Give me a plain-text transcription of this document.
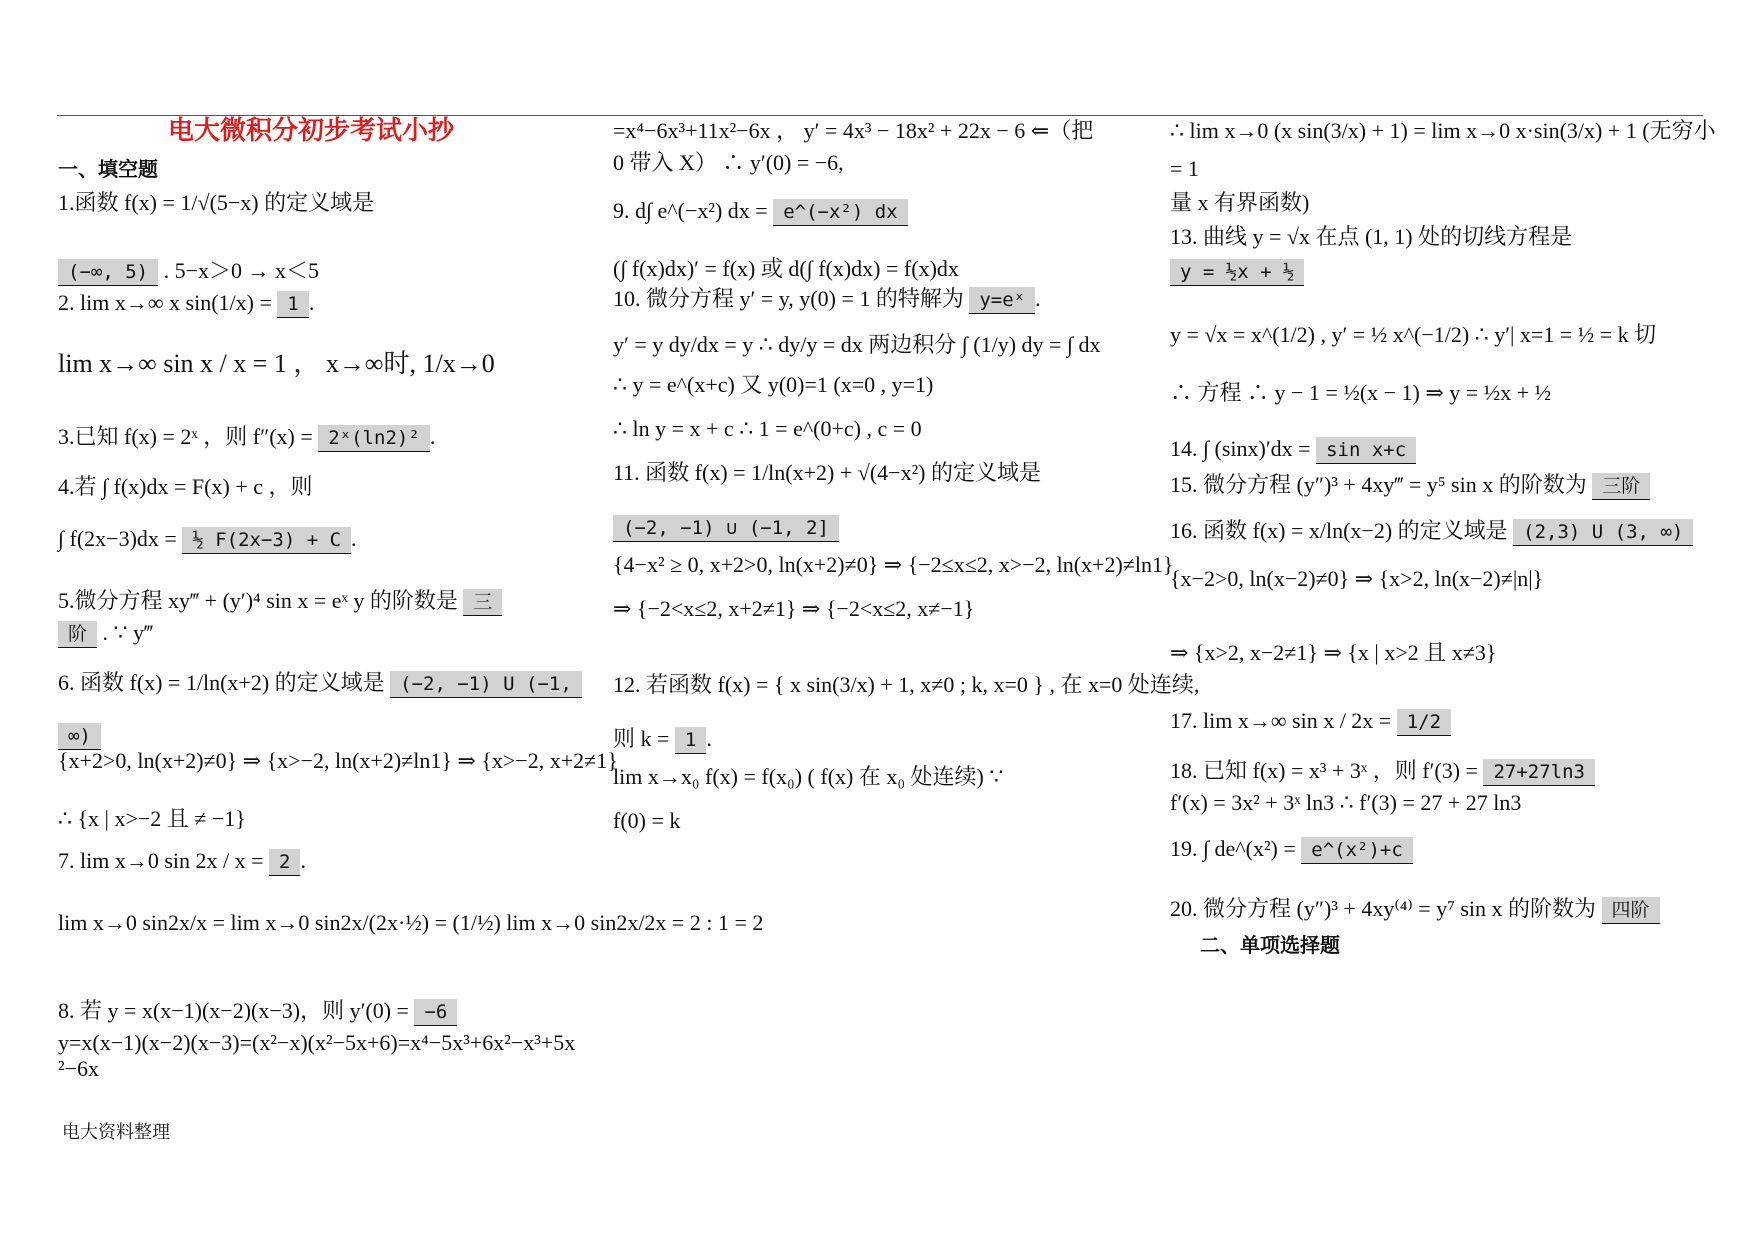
电大微积分初步考试小抄
一、填空题
1.函数 f(x) = 1/√(5−x) 的定义域是
(−∞, 5) . 5−x＞0 → x＜5
2. lim x→∞ x sin(1/x) = 1 .
lim x→∞ sin x / x = 1 ， x→∞时, 1/x→0
3.已知 f(x) = 2ˣ ，则 f″(x) = 2ˣ(ln2)² .
4.若 ∫ f(x)dx = F(x) + c ，则
∫ f(2x−3)dx = ½ F(2x−3) + C .
5.微分方程 xy‴ + (y′)⁴ sin x = eˣ y 的阶数是 三
阶 . ∵ y‴
6. 函数 f(x) = 1/ln(x+2) 的定义域是 (−2, −1) U (−1,
∞)
{x+2>0, ln(x+2)≠0} ⇒ {x>−2, ln(x+2)≠ln1} ⇒ {x>−2, x+2≠1}
∴ {x | x>−2 且 ≠ −1}
7. lim x→0 sin 2x / x = 2 .
lim x→0 sin2x/x = lim x→0 sin2x/(2x·½) = (1/½) lim x→0 sin2x/2x = 2 : 1 = 2
8. 若 y = x(x−1)(x−2)(x−3)，则 y′(0) = −6
y=x(x−1)(x−2)(x−3)=(x²−x)(x²−5x+6)=x⁴−5x³+6x²−x³+5x
²−6x
=x⁴−6x³+11x²−6x ， y′ = 4x³ − 18x² + 22x − 6 ⇐（把
0 带入 X） ∴ y′(0) = −6,
9. d∫ e^(−x²) dx = e^(−x²) dx
(∫ f(x)dx)′ = f(x) 或 d(∫ f(x)dx) = f(x)dx
10. 微分方程 y′ = y, y(0) = 1 的特解为 y=eˣ .
y′ = y dy/dx = y ∴ dy/y = dx 两边积分 ∫ (1/y) dy = ∫ dx
∴ y = e^(x+c) 又 y(0)=1 (x=0 , y=1)
∴ ln y = x + c ∴ 1 = e^(0+c) , c = 0
11. 函数 f(x) = 1/ln(x+2) + √(4−x²) 的定义域是
(−2, −1) ∪ (−1, 2]
{4−x² ≥ 0, x+2>0, ln(x+2)≠0} ⇒ {−2≤x≤2, x>−2, ln(x+2)≠ln1}
⇒ {−2<x≤2, x+2≠1} ⇒ {−2<x≤2, x≠−1}
12. 若函数 f(x) = { x sin(3/x) + 1, x≠0 ; k, x=0 } , 在 x=0 处连续,
则 k = 1 .
lim x→x₀ f(x) = f(x₀) ( f(x) 在 x₀ 处连续) ∵
f(0) = k
二、单项选择题
∴ lim x→0 (x sin(3/x) + 1) = lim x→0 x·sin(3/x) + 1 (无穷小
= 1
量 x 有界函数)
13. 曲线 y = √x 在点 (1, 1) 处的切线方程是
y = ½x + ½
y = √x = x^(1/2) , y′ = ½ x^(−1/2) ∴ y′| x=1 = ½ = k 切
∴ 方程 ∴ y − 1 = ½(x − 1) ⇒ y = ½x + ½
14. ∫ (sinx)′dx = sin x+c
15. 微分方程 (y″)³ + 4xy‴ = y⁵ sin x 的阶数为 三阶
16. 函数 f(x) = x/ln(x−2) 的定义域是 (2,3) U (3, ∞)
{x−2>0, ln(x−2)≠0} ⇒ {x>2, ln(x−2)≠|n|}
⇒ {x>2, x−2≠1} ⇒ {x | x>2 且 x≠3}
17. lim x→∞ sin x / 2x = 1/2
18. 已知 f(x) = x³ + 3ˣ ，则 f′(3) = 27+27ln3
f′(x) = 3x² + 3ˣ ln3 ∴ f′(3) = 27 + 27 ln3
19. ∫ de^(x²) = e^(x²)+c
20. 微分方程 (y″)³ + 4xy⁽⁴⁾ = y⁷ sin x 的阶数为 四阶
电大资料整理
